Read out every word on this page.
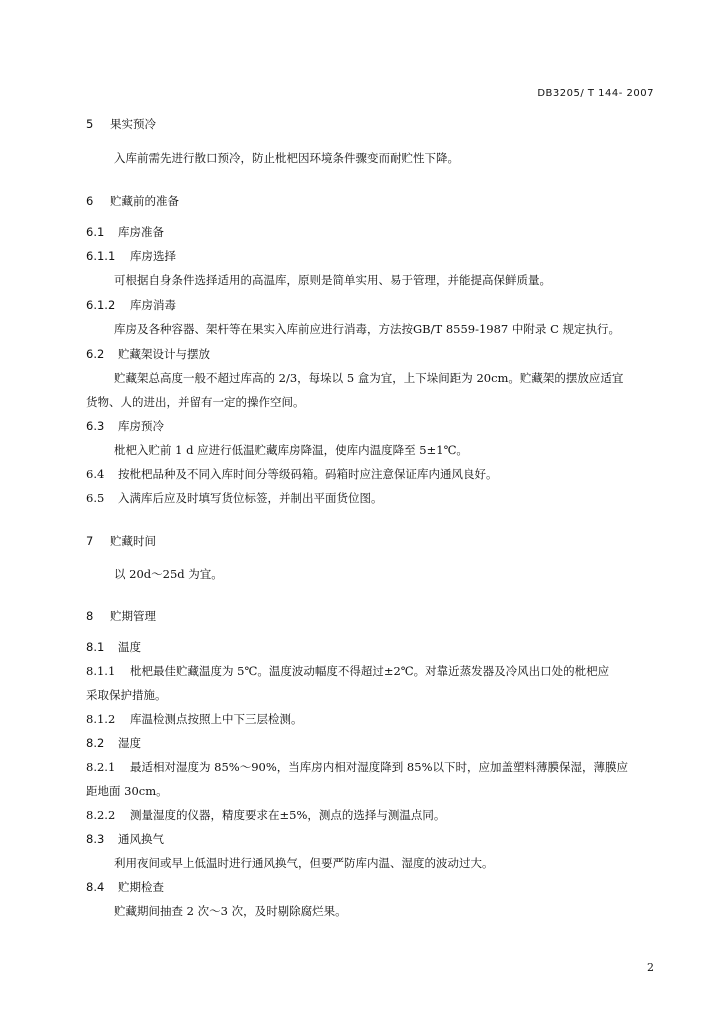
DB3205/ T 144- 2007
5 果实预冷
入库前需先进行散口预冷，防止枇杷因环境条件骤变而耐贮性下降。
6 贮藏前的准备
6.1 库房准备
6.1.1 库房选择
可根据自身条件选择适用的高温库，原则是简单实用、易于管理，并能提高保鲜质量。
6.1.2 库房消毒
库房及各种容器、架杆等在果实入库前应进行消毒，方法按GB/T 8559-1987 中附录 C 规定执行。
6.2 贮藏架设计与摆放
贮藏架总高度一般不超过库高的 2/3，每垛以 5 盒为宜，上下垛间距为 20cm。贮藏架的摆放应适宜
货物、人的进出，并留有一定的操作空间。
6.3 库房预冷
枇杷入贮前 1 d 应进行低温贮藏库房降温，使库内温度降至 5±1℃。
6.4 按枇杷品种及不同入库时间分等级码箱。码箱时应注意保证库内通风良好。
6.5 入满库后应及时填写货位标签，并制出平面货位图。
7 贮藏时间
以 20d～25d 为宜。
8 贮期管理
8.1 温度
8.1.1 枇杷最佳贮藏温度为 5℃。温度波动幅度不得超过±2℃。对靠近蒸发器及冷风出口处的枇杷应
采取保护措施。
8.1.2 库温检测点按照上中下三层检测。
8.2 湿度
8.2.1 最适相对湿度为 85%～90%，当库房内相对湿度降到 85%以下时，应加盖塑料薄膜保湿，薄膜应
距地面 30cm。
8.2.2 测量湿度的仪器，精度要求在±5%，测点的选择与测温点同。
8.3 通风换气
利用夜间或早上低温时进行通风换气，但要严防库内温、湿度的波动过大。
8.4 贮期检查
贮藏期间抽查 2 次～3 次，及时剔除腐烂果。
2
